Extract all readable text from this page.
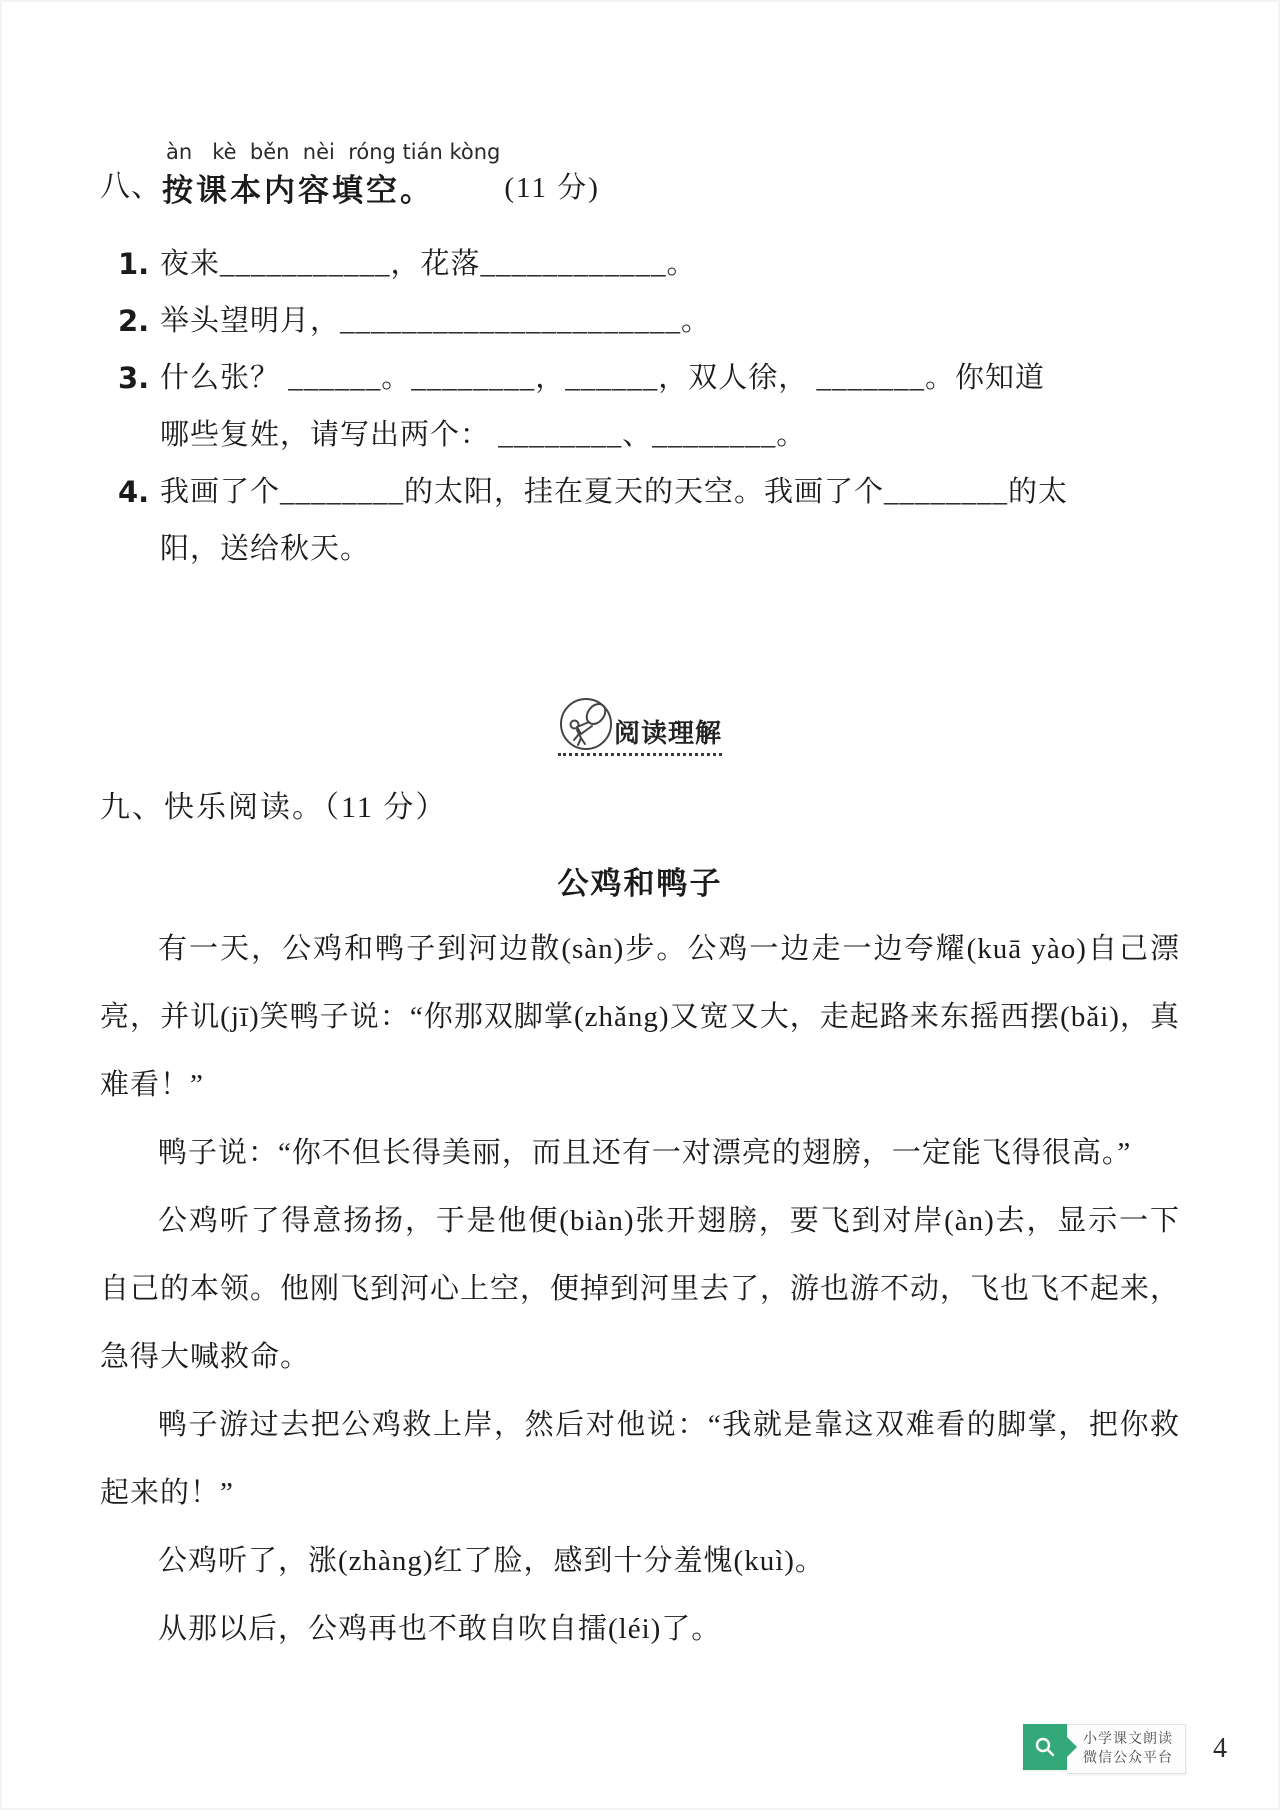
八、
àn   kè  běn  nèi  róng tián kòng
按课本内容填空。	(11 分)
1. 夜来___________，花落____________。
2. 举头望明月，______________________。
3. 什么张？ ______。________，______，双人徐， _______。你知道
哪些复姓，请写出两个： ________、________。
4. 我画了个________的太阳，挂在夏天的天空。我画了个________的太
阳，送给秋天。
阅读理解
九、快乐阅读。（11 分）
公鸡和鸭子

有一天，公鸡和鸭子到河边散(sàn)步。公鸡一边走一边夸耀(kuā yào)自己漂亮，并讥(jī)笑鸭子说：“你那双脚掌(zhǎng)又宽又大，走起路来东摇西摆(bǎi)，真难看！”

鸭子说：“你不但长得美丽，而且还有一对漂亮的翅膀，一定能飞得很高。”

公鸡听了得意扬扬，于是他便(biàn)张开翅膀，要飞到对岸(àn)去，显示一下自己的本领。他刚飞到河心上空，便掉到河里去了，游也游不动，飞也飞不起来，急得大喊救命。

鸭子游过去把公鸡救上岸，然后对他说：“我就是靠这双难看的脚掌，把你救起来的！”

公鸡听了，涨(zhàng)红了脸，感到十分羞愧(kuì)。

从那以后，公鸡再也不敢自吹自擂(léi)了。

小学课文朗读
微信公众平台 4
